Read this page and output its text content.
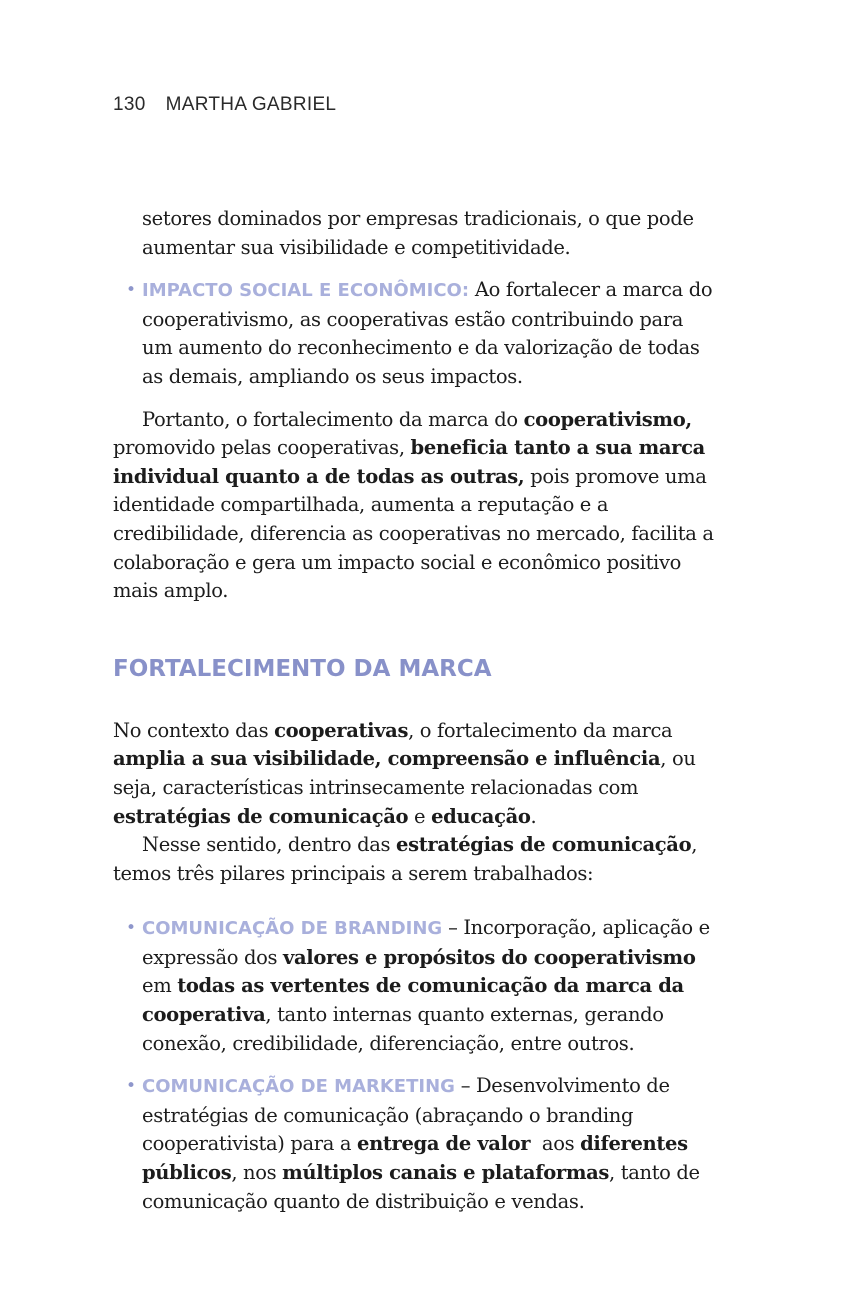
130 MARTHA GABRIEL

setores dominados por empresas tradicionais, o que pode aumentar sua visibilidade e competitividade.

• IMPACTO SOCIAL E ECONÔMICO: Ao fortalecer a marca do cooperativismo, as cooperativas estão contribuindo para um aumento do reconhecimento e da valorização de todas as demais, ampliando os seus impactos.

Portanto, o fortalecimento da marca do cooperativismo, promovido pelas cooperativas, beneficia tanto a sua marca individual quanto a de todas as outras, pois promove uma identidade compartilhada, aumenta a reputação e a credibilidade, diferencia as cooperativas no mercado, facilita a colaboração e gera um impacto social e econômico positivo mais amplo.

FORTALECIMENTO DA MARCA

No contexto das cooperativas, o fortalecimento da marca amplia a sua visibilidade, compreensão e influência, ou seja, características intrinsecamente relacionadas com estratégias de comunicação e educação.

Nesse sentido, dentro das estratégias de comunicação, temos três pilares principais a serem trabalhados:

• COMUNICAÇÃO DE BRANDING – Incorporação, aplicação e expressão dos valores e propósitos do cooperativismo em todas as vertentes de comunicação da marca da cooperativa, tanto internas quanto externas, gerando conexão, credibilidade, diferenciação, entre outros.
• COMUNICAÇÃO DE MARKETING – Desenvolvimento de estratégias de comunicação (abraçando o branding cooperativista) para a entrega de valor  aos diferentes públicos, nos múltiplos canais e plataformas, tanto de comunicação quanto de distribuição e vendas.
